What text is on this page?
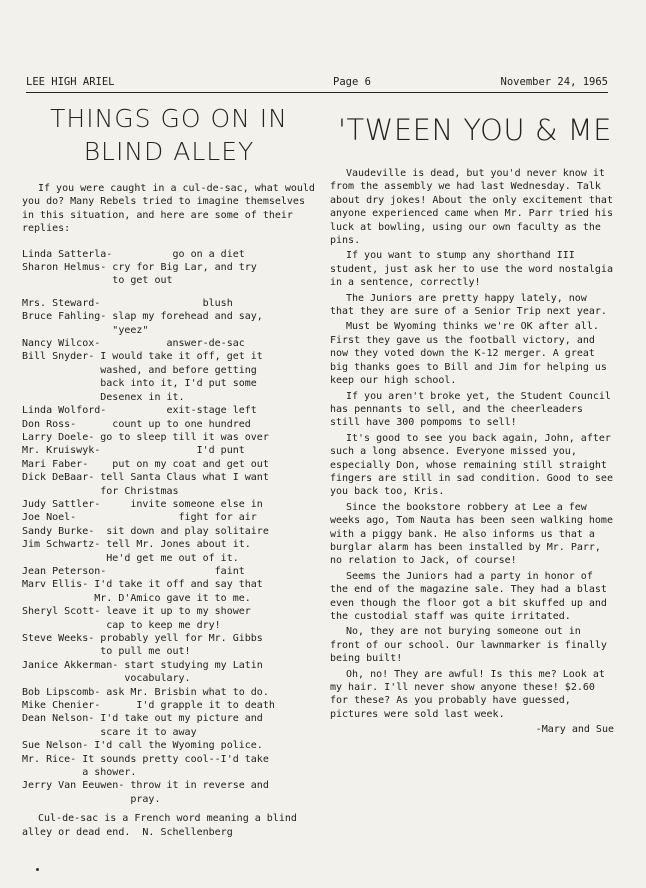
LEE HIGH ARIEL	Page 6	November 24, 1965
THINGS GO ON IN
BLIND ALLEY

If you were caught in a cul-de-sac, what would you do? Many Rebels tried to imagine themselves in this situation, and here are some of their replies:

Linda Satterla-          go on a diet

Sharon Helmus- cry for Big Lar, and try

to get out

Mrs. Steward-                 blush

Bruce Fahling- slap my forehead and say,

"yeez"

Nancy Wilcox-           answer-de-sac

Bill Snyder- I would take it off, get it

washed, and before getting

back into it, I'd put some

Desenex in it.

Linda Wolford-          exit-stage left

Don Ross-      count up to one hundred

Larry Doele- go to sleep till it was over

Mr. Kruiswyk-                I'd punt

Mari Faber-    put on my coat and get out

Dick DeBaar- tell Santa Claus what I want

for Christmas

Judy Sattler-     invite someone else in

Joe Noel-                 fight for air

Sandy Burke-  sit down and play solitaire

Jim Schwartz- tell Mr. Jones about it.

He'd get me out of it.

Jean Peterson-                  faint

Marv Ellis- I'd take it off and say that

Mr. D'Amico gave it to me.

Sheryl Scott- leave it up to my shower

cap to keep me dry!

Steve Weeks- probably yell for Mr. Gibbs

to pull me out!

Janice Akkerman- start studying my Latin

vocabulary.

Bob Lipscomb- ask Mr. Brisbin what to do.

Mike Chenier-      I'd grapple it to death

Dean Nelson- I'd take out my picture and

scare it to away

Sue Nelson- I'd call the Wyoming police.

Mr. Rice- It sounds pretty cool--I'd take

a shower.

Jerry Van Eeuwen- throw it in reverse and

pray.

Cul-de-sac is a French word meaning a blind alley or dead end.  N. Schellenberg

'TWEEN YOU & ME

Vaudeville is dead, but you'd never know it from the assembly we had last Wednesday. Talk about dry jokes! About the only excitement that anyone experienced came when Mr. Parr tried his luck at bowling, using our own faculty as the pins.

If you want to stump any shorthand III student, just ask her to use the word nostalgia in a sentence, correctly!

The Juniors are pretty happy lately, now that they are sure of a Senior Trip next year.

Must be Wyoming thinks we're OK after all. First they gave us the football victory, and now they voted down the K-12 merger. A great big thanks goes to Bill and Jim for helping us keep our high school.

If you aren't broke yet, the Student Council has pennants to sell, and the cheerleaders still have 300 pompoms to sell!

It's good to see you back again, John, after such a long absence. Everyone missed you, especially Don, whose remaining still straight fingers are still in sad condition. Good to see you back too, Kris.

Since the bookstore robbery at Lee a few weeks ago, Tom Nauta has been seen walking home with a piggy bank. He also informs us that a burglar alarm has been installed by Mr. Parr, no relation to Jack, of course!

Seems the Juniors had a party in honor of the end of the magazine sale. They had a blast even though the floor got a bit skuffed up and the custodial staff was quite irritated.

No, they are not burying someone out in front of our school. Our lawnmarker is finally being built!

Oh, no! They are awful! Is this me? Look at my hair. I'll never show anyone these! $2.60 for these? As you probably have guessed, pictures were sold last week.

-Mary and Sue
